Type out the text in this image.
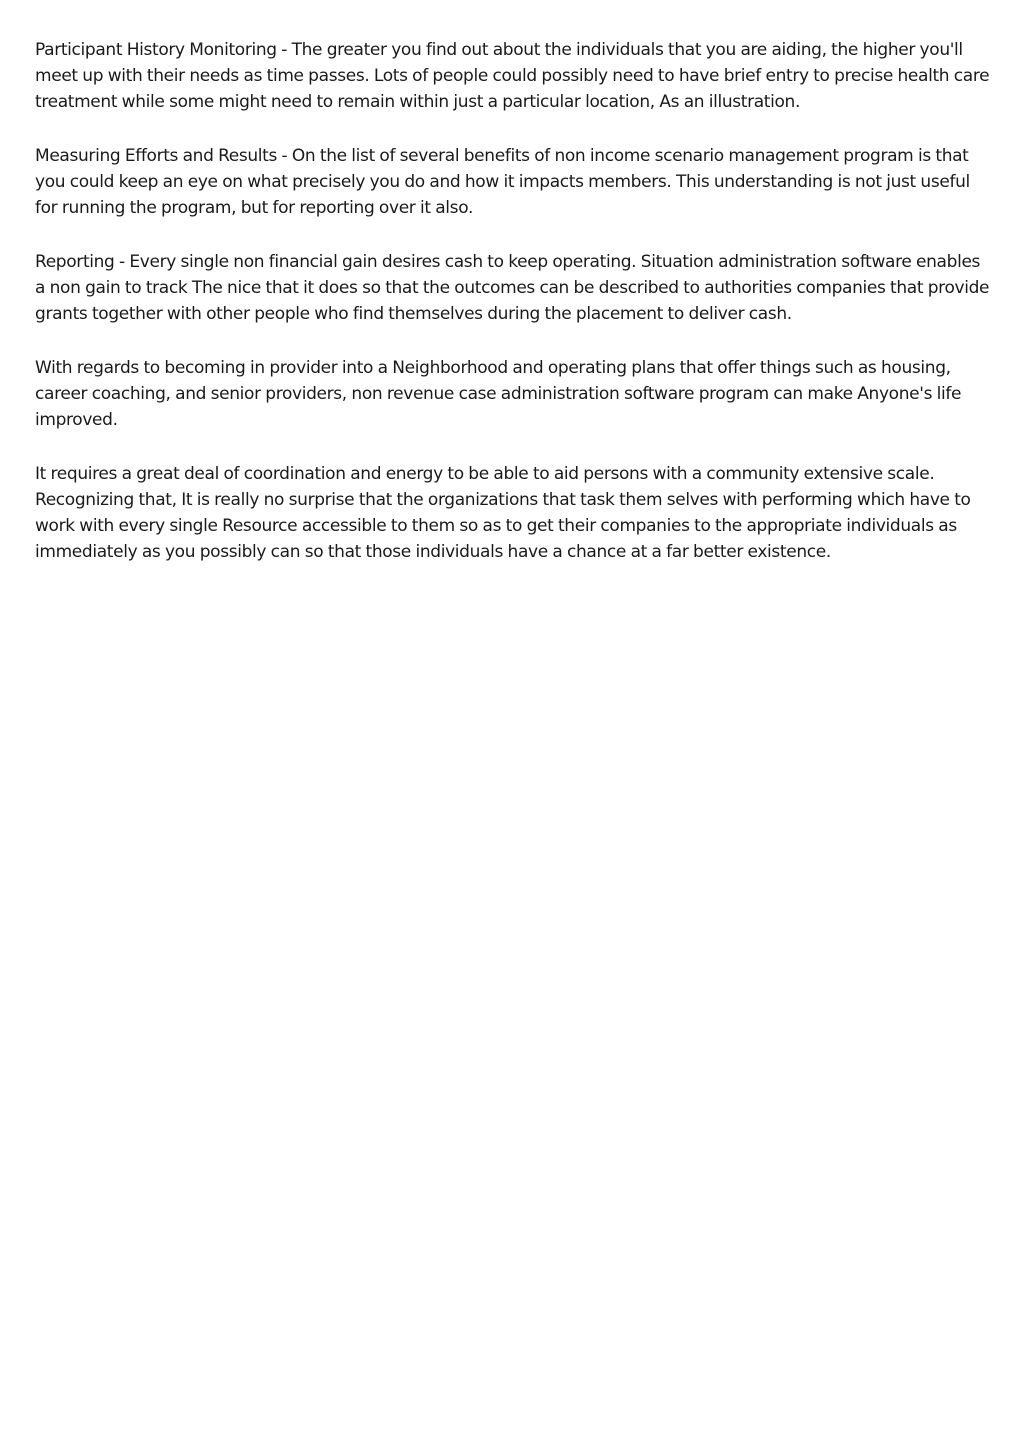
Participant History Monitoring - The greater you find out about the individuals that you are aiding, the higher you'll meet up with their needs as time passes. Lots of people could possibly need to have brief entry to precise health care treatment while some might need to remain within just a particular location, As an illustration.

Measuring Efforts and Results - On the list of several benefits of non income scenario management program is that you could keep an eye on what precisely you do and how it impacts members. This understanding is not just useful for running the program, but for reporting over it also.

Reporting - Every single non financial gain desires cash to keep operating. Situation administration software enables a non gain to track The nice that it does so that the outcomes can be described to authorities companies that provide grants together with other people who find themselves during the placement to deliver cash.

With regards to becoming in provider into a Neighborhood and operating plans that offer things such as housing, career coaching, and senior providers, non revenue case administration software program can make Anyone's life improved.

It requires a great deal of coordination and energy to be able to aid persons with a community extensive scale. Recognizing that, It is really no surprise that the organizations that task them selves with performing which have to work with every single Resource accessible to them so as to get their companies to the appropriate individuals as immediately as you possibly can so that those individuals have a chance at a far better existence.
